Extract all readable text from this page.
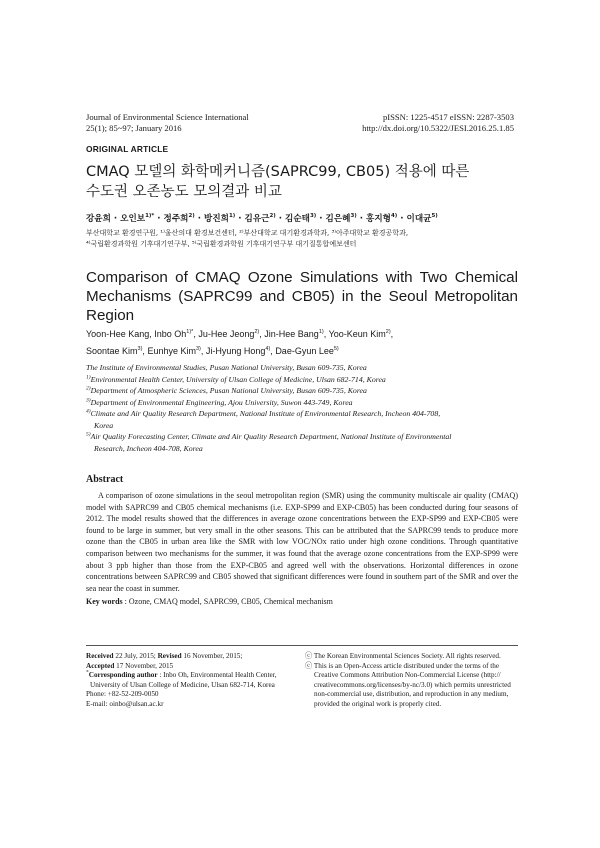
Journal of Environmental Science International
25(1); 85~97; January 2016
pISSN: 1225-4517 eISSN: 2287-3503
http://dx.doi.org/10.5322/JESI.2016.25.1.85
ORIGINAL ARTICLE
CMAQ 모델의 화학메커니즘(SAPRC99, CB05) 적용에 따른
수도권 오존농도 모의결과 비교
강윤희 · 오인보$^{1)*}$ · 정주희$^{2)}$ · 방진희$^{1)}$ · 김유근$^{2)}$ · 김순태$^{3)}$ · 김은혜$^{3)}$ · 홍지형$^{4)}$ · 이대균$^{5)}$
부산대학교 환경연구원, ¹⁾울산의대 환경보건센터, ²⁾부산대학교 대기환경과학과, ³⁾아주대학교 환경공학과,
⁴⁾국립환경과학원 기후대기연구부, ⁵⁾국립환경과학원 기후대기연구부 대기질통합예보센터
Comparison of CMAQ Ozone Simulations with Two Chemical
Mechanisms (SAPRC99 and CB05) in the Seoul Metropolitan
Region
Yoon-Hee Kang, Inbo $Oh^{1)*}$, Ju-Hee Jeong$^{2)}$, Jin-Hee Bang$^{1)}$, Yoo-Keun Kim$^{2)}$,
Soontae Kim$^{3)}$, Eunhye Kim$^{3)}$, Ji-Hyung Hong$^{4)}$, Dae-Gyun Lee$^{5)}$
The Institute of Environmental Studies, Pusan National University, Busan 609-735, Korea
$^{1)}$Environmental Health Center, University of Ulsan College of Medicine, Ulsan 682-714, Korea
$^{2)}$Department of Atmospheric Sciences, Pusan National University, Busan 609-735, Korea
$^{3)}$Department of Environmental Engineering, Ajou University, Suwon 443-749, Korea
$^{4)}$Climate and Air Quality Research Department, National Institute of Environmental Research, Incheon 404-708,
Korea
$^{5)}$Air Quality Forecasting Center, Climate and Air Quality Research Department, National Institute of Environmental
Research, Incheon 404-708, Korea
Abstract
A comparison of ozone simulations in the seoul metropolitan region (SMR) using the community multiscale air quality (CMAQ) model with SAPRC99 and CB05 chemical mechanisms (i.e. EXP-SP99 and EXP-CB05) has been conducted during four seasons of 2012. The model results showed that the differences in average ozone concentrations between the EXP-SP99 and EXP-CB05 were found to be large in summer, but very small in the other seasons. This can be attributed that the SAPRC99 tends to produce more ozone than the CB05 in urban area like the SMR with low VOC/NOx ratio under high ozone conditions. Through quantitative comparison between two mechanisms for the summer, it was found that the average ozone concentrations from the EXP-SP99 were about 3 ppb higher than those from the EXP-CB05 and agreed well with the observations. Horizontal differences in ozone concentrations between SAPRC99 and CB05 showed that significant differences were found in southern part of the SMR and over the sea near the coast in summer.
Key words : Ozone, CMAQ model, SAPRC99, CB05, Chemical mechanism
Received 22 July, 2015; Revised 16 November, 2015;
Accepted 17 November, 2015
*Corresponding author : Inbo Oh, Environmental Health Center,
University of Ulsan College of Medicine, Ulsan 682-714, Korea
Phone: +82-52-209-0050
E-mail: oinbo@ulsan.ac.kr
ⓒ The Korean Environmental Sciences Society. All rights reserved.
ⓒ This is an Open-Access article distributed under the terms of the
Creative Commons Attribution Non-Commercial License (http://
creativecommons.org/licenses/by-nc/3.0) which permits unrestricted
non-commercial use, distribution, and reproduction in any medium,
provided the original work is properly cited.
